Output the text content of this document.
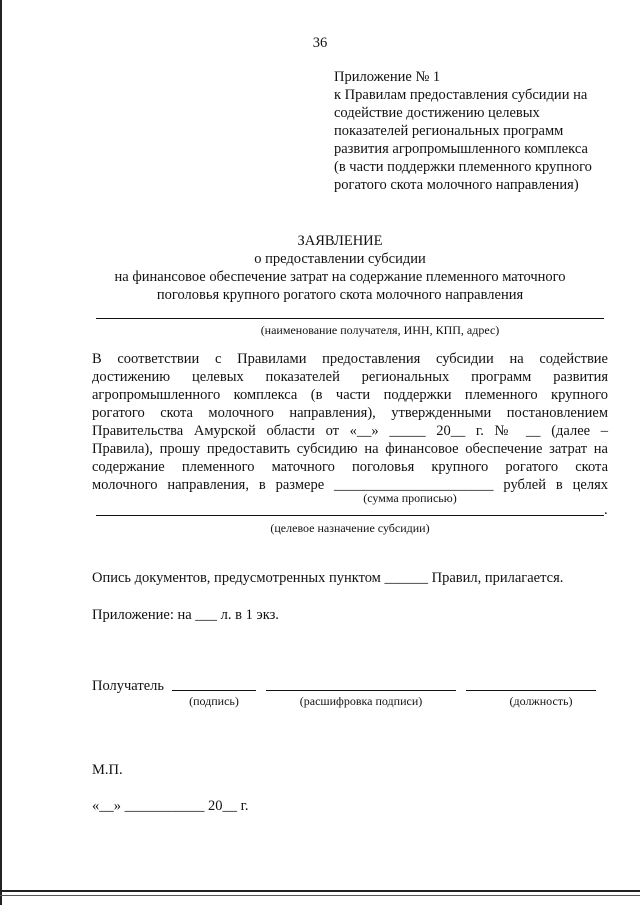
36
Приложение № 1
к Правилам предоставления субсидии на
содействие достижению целевых
показателей региональных программ
развития агропромышленного комплекса
(в части поддержки племенного крупного
рогатого скота молочного направления)
ЗАЯВЛЕНИЕ
о предоставлении субсидии
на финансовое обеспечение затрат на содержание племенного маточного
поголовья крупного рогатого скота молочного направления
(наименование получателя, ИНН, КПП, адрес)
В соответствии с Правилами предоставления субсидии на содействие
достижению целевых показателей региональных программ развития
агропромышленного комплекса (в части поддержки племенного крупного
рогатого скота молочного направления), утвержденными постановлением
Правительства Амурской области от «__» _____ 20__ г. № __ (далее –
Правила), прошу предоставить субсидию на финансовое обеспечение затрат на
содержание племенного маточного поголовья крупного рогатого скота
молочного направления, в размере ______________________ рублей в целях
(сумма прописью)
.
(целевое назначение субсидии)
Опись документов, предусмотренных пунктом ______ Правил, прилагается.
Приложение: на ___ л. в 1 экз.
Получатель
(подпись)	(расшифровка подписи)	(должность)
М.П.
«__» ___________ 20__ г.
